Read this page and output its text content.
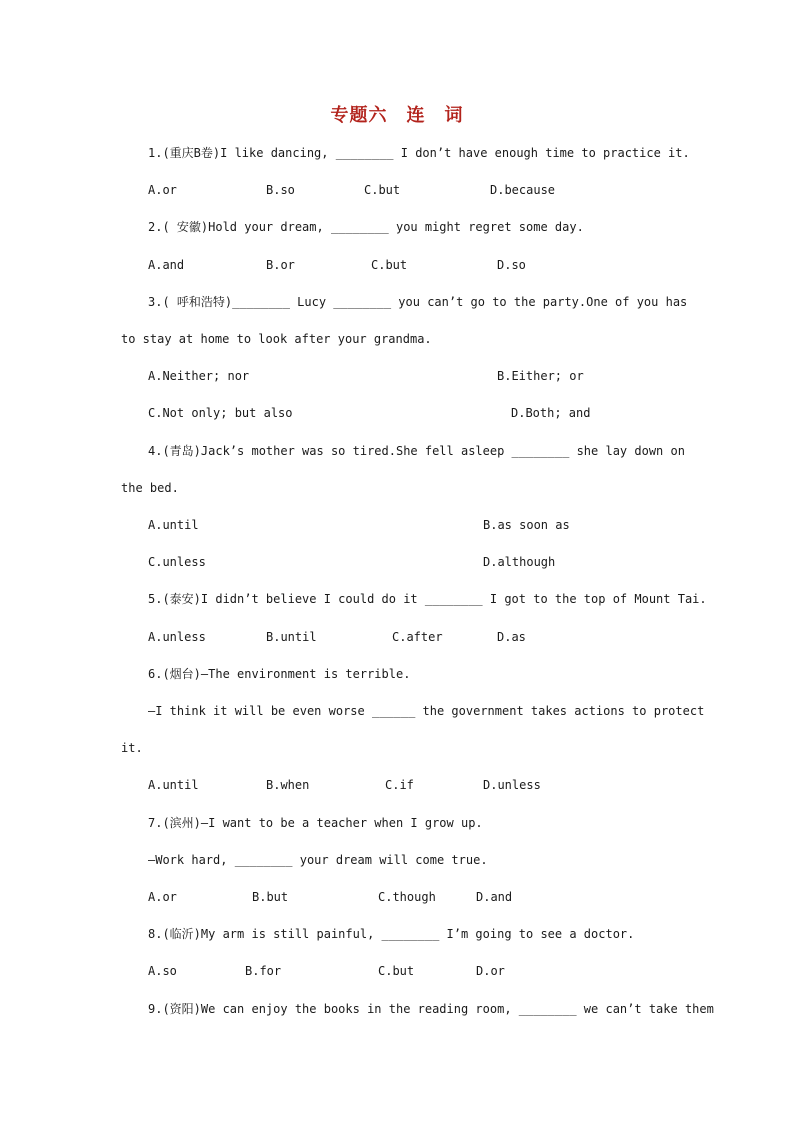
专题六　连　词
1.(重庆B卷)I like dancing, ________ I don’t have enough time to practice it.
A.or	B.so	C.but	D.because
2.( 安徽)Hold your dream, ________ you might regret some day.
A.and	B.or	C.but	D.so
3.( 呼和浩特)________ Lucy ________ you can’t go to the party.One of you has
to stay at home to look after your grandma.
A.Neither; nor	B.Either; or
C.Not only; but also	D.Both; and
4.(青岛)Jack’s mother was so tired.She fell asleep ________ she lay down on
the bed.
A.until	B.as soon as
C.unless	D.although
5.(泰安)I didn’t believe I could do it ________ I got to the top of Mount Tai.
A.unless	B.until	C.after	D.as
6.(烟台)—The environment is terrible.
—I think it will be even worse ______ the government takes actions to protect
it.
A.until	B.when	C.if	D.unless
7.(滨州)—I want to be a teacher when I grow up.
—Work hard, ________ your dream will come true.
A.or	B.but	C.though	D.and
8.(临沂)My arm is still painful, ________ I’m going to see a doctor.
A.so	B.for	C.but	D.or
9.(资阳)We can enjoy the books in the reading room, ________ we can’t take them
